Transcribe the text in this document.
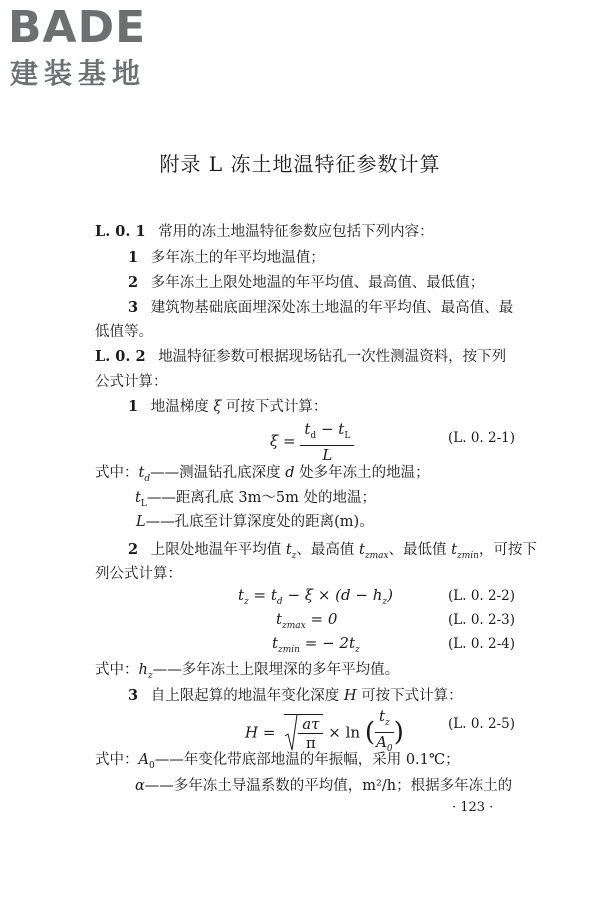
BADE
建装基地
附录 L 冻土地温特征参数计算
L. 0. 1 常用的冻土地温特征参数应包括下列内容：
1 多年冻土的年平均地温值；
2 多年冻土上限处地温的年平均值、最高值、最低值；
3 建筑物基础底面埋深处冻土地温的年平均值、最高值、最
低值等。
L. 0. 2 地温特征参数可根据现场钻孔一次性测温资料，按下列
公式计算：
1 地温梯度 ξ 可按下式计算：
$\xi = \frac{t_d - t_L}{L}$	(L. 0. 2-1)
式中：$t_d——$测温钻孔底深度 d 处多年冻土的地温；
$t_L——$距离孔底 3m～5m 处的地温；
L——孔底至计算深度处的距离(m)。
2 上限处地温年平均值 $t_z$、最高值 $t_{zmax}$、最低值 $t_{zmin}$，可按下
列公式计算：
$t_z = t_d - \xi \times (d - h_z)$	(L. 0. 2-2)
$t_{zmax} = 0$	(L. 0. 2-3)
$t_{zmin}$ = − $2t_z$	(L. 0. 2-4)
式中：$h_z——$多年冻土上限埋深的多年平均值。
3 自上限起算的地温年变化深度 H 可按下式计算：
$H = \frac{a\tau}{\pi} \times \ln$ ( $\frac{t_z}{A_0}$ )	(L. 0. 2-5)
式中：$A_0——$年变化带底部地温的年振幅，采用 0.1℃；
α——多年冻土导温系数的平均值，m²/h；根据多年冻土的
· 123 ·
